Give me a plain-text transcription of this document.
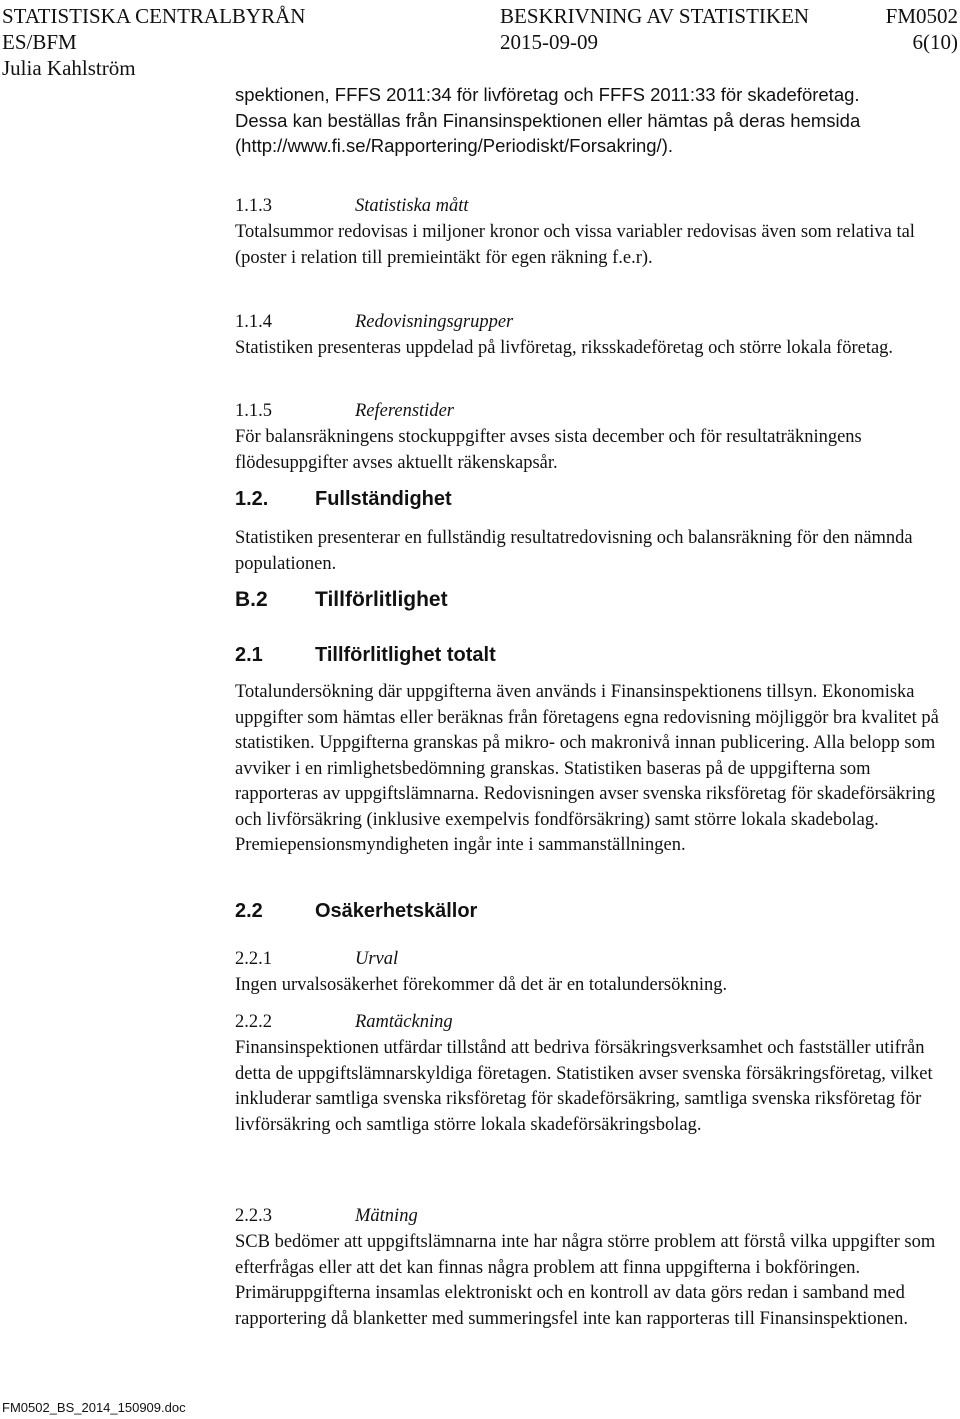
STATISTISKA CENTRALBYRÅN	BESKRIVNING AV STATISTIKEN	FM0502
ES/BFM	2015-09-09	6(10)
Julia Kahlström
spektionen, FFFS 2011:34 för livföretag och FFFS 2011:33 för skadeföretag.
Dessa kan beställas från Finansinspektionen eller hämtas på deras hemsida
(http://www.fi.se/Rapportering/Periodiskt/Forsakring/).
1.1.3	Statistiska mått

Totalsummor redovisas i miljoner kronor och vissa variabler redovisas även som relativa tal (poster i relation till premieintäkt för egen räkning f.e.r).

1.1.4	Redovisningsgrupper

Statistiken presenteras uppdelad på livföretag, riksskadeföretag och större lokala företag.

1.1.5	Referenstider

För balansräkningens stockuppgifter avses sista december och för resultaträkningens flödesuppgifter avses aktuellt räkenskapsår.

1.2. Fullständighet

Statistiken presenterar en fullständig resultatredovisning och balansräkning för den nämnda populationen.

B.2 Tillförlitlighet
2.1	Tillförlitlighet totalt

Totalundersökning där uppgifterna även används i Finansinspektionens tillsyn. Ekonomiska uppgifter som hämtas eller beräknas från företagens egna redovisning möjliggör bra kvalitet på statistiken. Uppgifterna granskas på mikro- och makronivå innan publicering. Alla belopp som avviker i en rimlighetsbedömning granskas. Statistiken baseras på de uppgifterna som rapporteras av uppgiftslämnarna. Redovisningen avser svenska riksföretag för skadeförsäkring och livförsäkring (inklusive exempelvis fondförsäkring) samt större lokala skadebolag. Premiepensionsmyndigheten ingår inte i sammanställningen.

2.2	Osäkerhetskällor
2.2.1	Urval

Ingen urvalsosäkerhet förekommer då det är en totalundersökning.

2.2.2	Ramtäckning

Finansinspektionen utfärdar tillstånd att bedriva försäkringsverksamhet och fastställer utifrån detta de uppgiftslämnarskyldiga företagen. Statistiken avser svenska försäkringsföretag, vilket inkluderar samtliga svenska riksföretag för skadeförsäkring, samtliga svenska riksföretag för livförsäkring och samtliga större lokala skadeförsäkringsbolag.

2.2.3	Mätning

SCB bedömer att uppgiftslämnarna inte har några större problem att förstå vilka uppgifter som efterfrågas eller att det kan finnas några problem att finna uppgifterna i bokföringen. Primäruppgifterna insamlas elektroniskt och en kontroll av data görs redan i samband med rapportering då blanketter med summeringsfel inte kan rapporteras till Finansinspektionen.

FM0502_BS_2014_150909.doc
